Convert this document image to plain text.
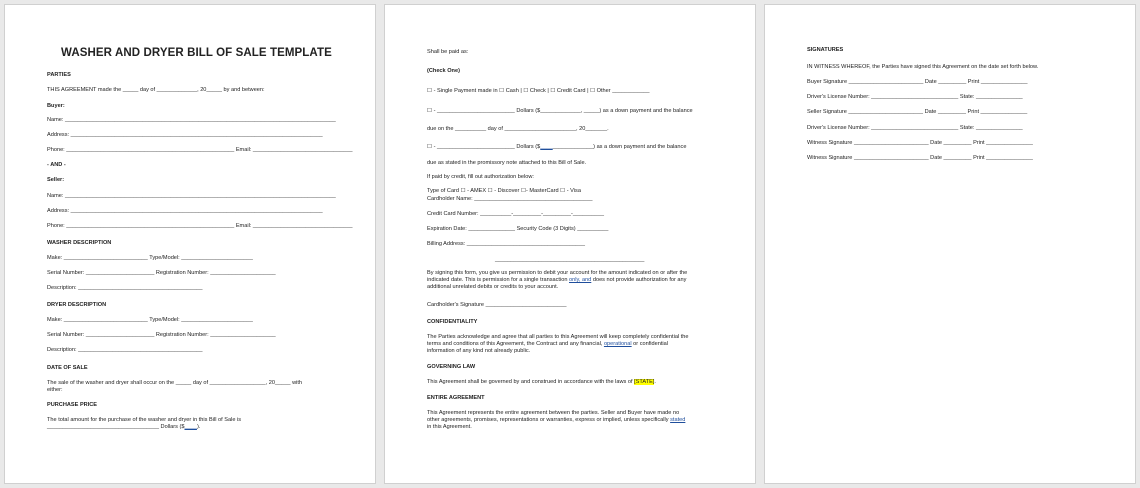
WASHER AND DRYER BILL OF SALE TEMPLATE
PARTIES
THIS AGREEMENT made the _____ day of _____________, 20_____ by and between:
Buyer:
Name: _______________________________________________________________________________________
Address: _________________________________________________________________________________
Phone: ______________________________________________________ Email: ________________________________
- AND -
Seller:
Name: _______________________________________________________________________________________
Address: _________________________________________________________________________________
Phone: ______________________________________________________ Email: ________________________________
WASHER DESCRIPTION
Make: ___________________________ Type/Model: _______________________
Serial Number: ______________________ Registration Number: _____________________
Description: ________________________________________
DRYER DESCRIPTION
Make: ___________________________ Type/Model: _______________________
Serial Number: ______________________ Registration Number: _____________________
Description: ________________________________________
DATE OF SALE
The sale of the washer and dryer shall occur on the _____ day of __________________, 20_____ with
either:
PURCHASE PRICE
The total amount for the purchase of the washer and dryer in this Bill of Sale is
____________________________________ Dollars ($____).
Shall be paid as:
(Check One)
☐ - Single Payment made in ☐ Cash | ☐ Check | ☐ Credit Card | ☐ Other ____________
☐ - _________________________ Dollars ($_____________, _____) as a down payment and the balance
due on the __________ day of _______________________, 20_______.
☐ - _________________________ Dollars ($_________________) as a down payment and the balance
due as stated in the promissory note attached to this Bill of Sale.
If paid by credit, fill out authorization below:
Type of Card ☐ - AMEX ☐ - Discover ☐- MasterCard ☐ - Visa
Cardholder Name: ______________________________________
Credit Card Number: __________-_________-_________-__________
Expiration Date: _______________ Security Code (3 Digits) __________
Billing Address: ______________________________________
________________________________________________
By signing this form, you give us permission to debit your account for the amount indicated on or after the
indicated date. This is permission for a single transaction only, and does not provide authorization for any
additional unrelated debits or credits to your account.
Cardholder's Signature __________________________
CONFIDENTIALITY
The Parties acknowledge and agree that all parties to this Agreement will keep completely confidential the
terms and conditions of this Agreement, the Contract and any financial, operational or confidential
information of any kind not already public.
GOVERNING LAW
This Agreement shall be governed by and construed in accordance with the laws of [STATE].
ENTIRE AGREEMENT
This Agreement represents the entire agreement between the parties. Seller and Buyer have made no
other agreements, promises, representations or warranties, express or implied, unless specifically stated
in this Agreement.
SIGNATURES
IN WITNESS WHEREOF, the Parties have signed this Agreement on the date set forth below.
Buyer Signature ________________________ Date _________ Print _______________
Driver's License Number: ____________________________ State: _______________
Seller Signature ________________________ Date _________ Print _______________
Driver's License Number: ____________________________ State: _______________
Witness Signature ________________________ Date _________ Print _______________
Witness Signature ________________________ Date _________ Print _______________
